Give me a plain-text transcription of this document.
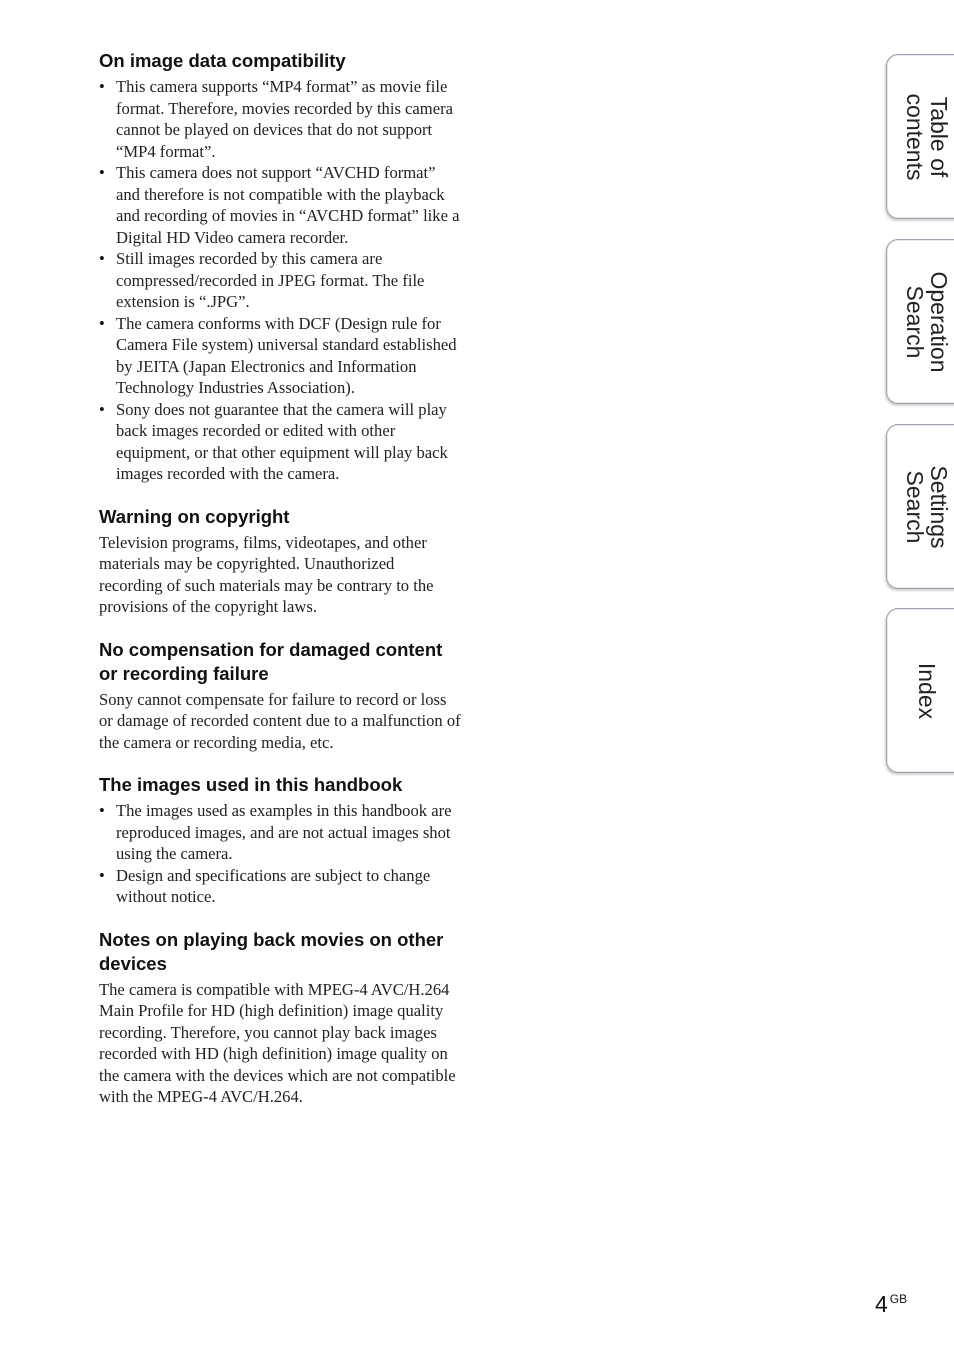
On image data compatibility
• This camera supports “MP4 format” as movie file format. Therefore, movies recorded by this camera cannot be played on devices that do not support “MP4 format”.
• This camera does not support “AVCHD format” and therefore is not compatible with the playback and recording of movies in “AVCHD format” like a Digital HD Video camera recorder.
• Still images recorded by this camera are compressed/recorded in JPEG format. The file extension is “.JPG”.
• The camera conforms with DCF (Design rule for Camera File system) universal standard established by JEITA (Japan Electronics and Information Technology Industries Association).
• Sony does not guarantee that the camera will play back images recorded or edited with other equipment, or that other equipment will play back images recorded with the camera.
Warning on copyright

Television programs, films, videotapes, and other materials may be copyrighted. Unauthorized recording of such materials may be contrary to the provisions of the copyright laws.

No compensation for damaged content or recording failure

Sony cannot compensate for failure to record or loss or damage of recorded content due to a malfunction of the camera or recording media, etc.

The images used in this handbook
• The images used as examples in this handbook are reproduced images, and are not actual images shot using the camera.
• Design and specifications are subject to change without notice.
Notes on playing back movies on other devices

The camera is compatible with MPEG-4 AVC/H.264 Main Profile for HD (high definition) image quality recording. Therefore, you cannot play back images recorded with HD (high definition) image quality on the camera with the devices which are not compatible with the MPEG-4 AVC/H.264.

Table of
contents
Operation
Search
Settings
Search
Index
4 $^{GB}$
